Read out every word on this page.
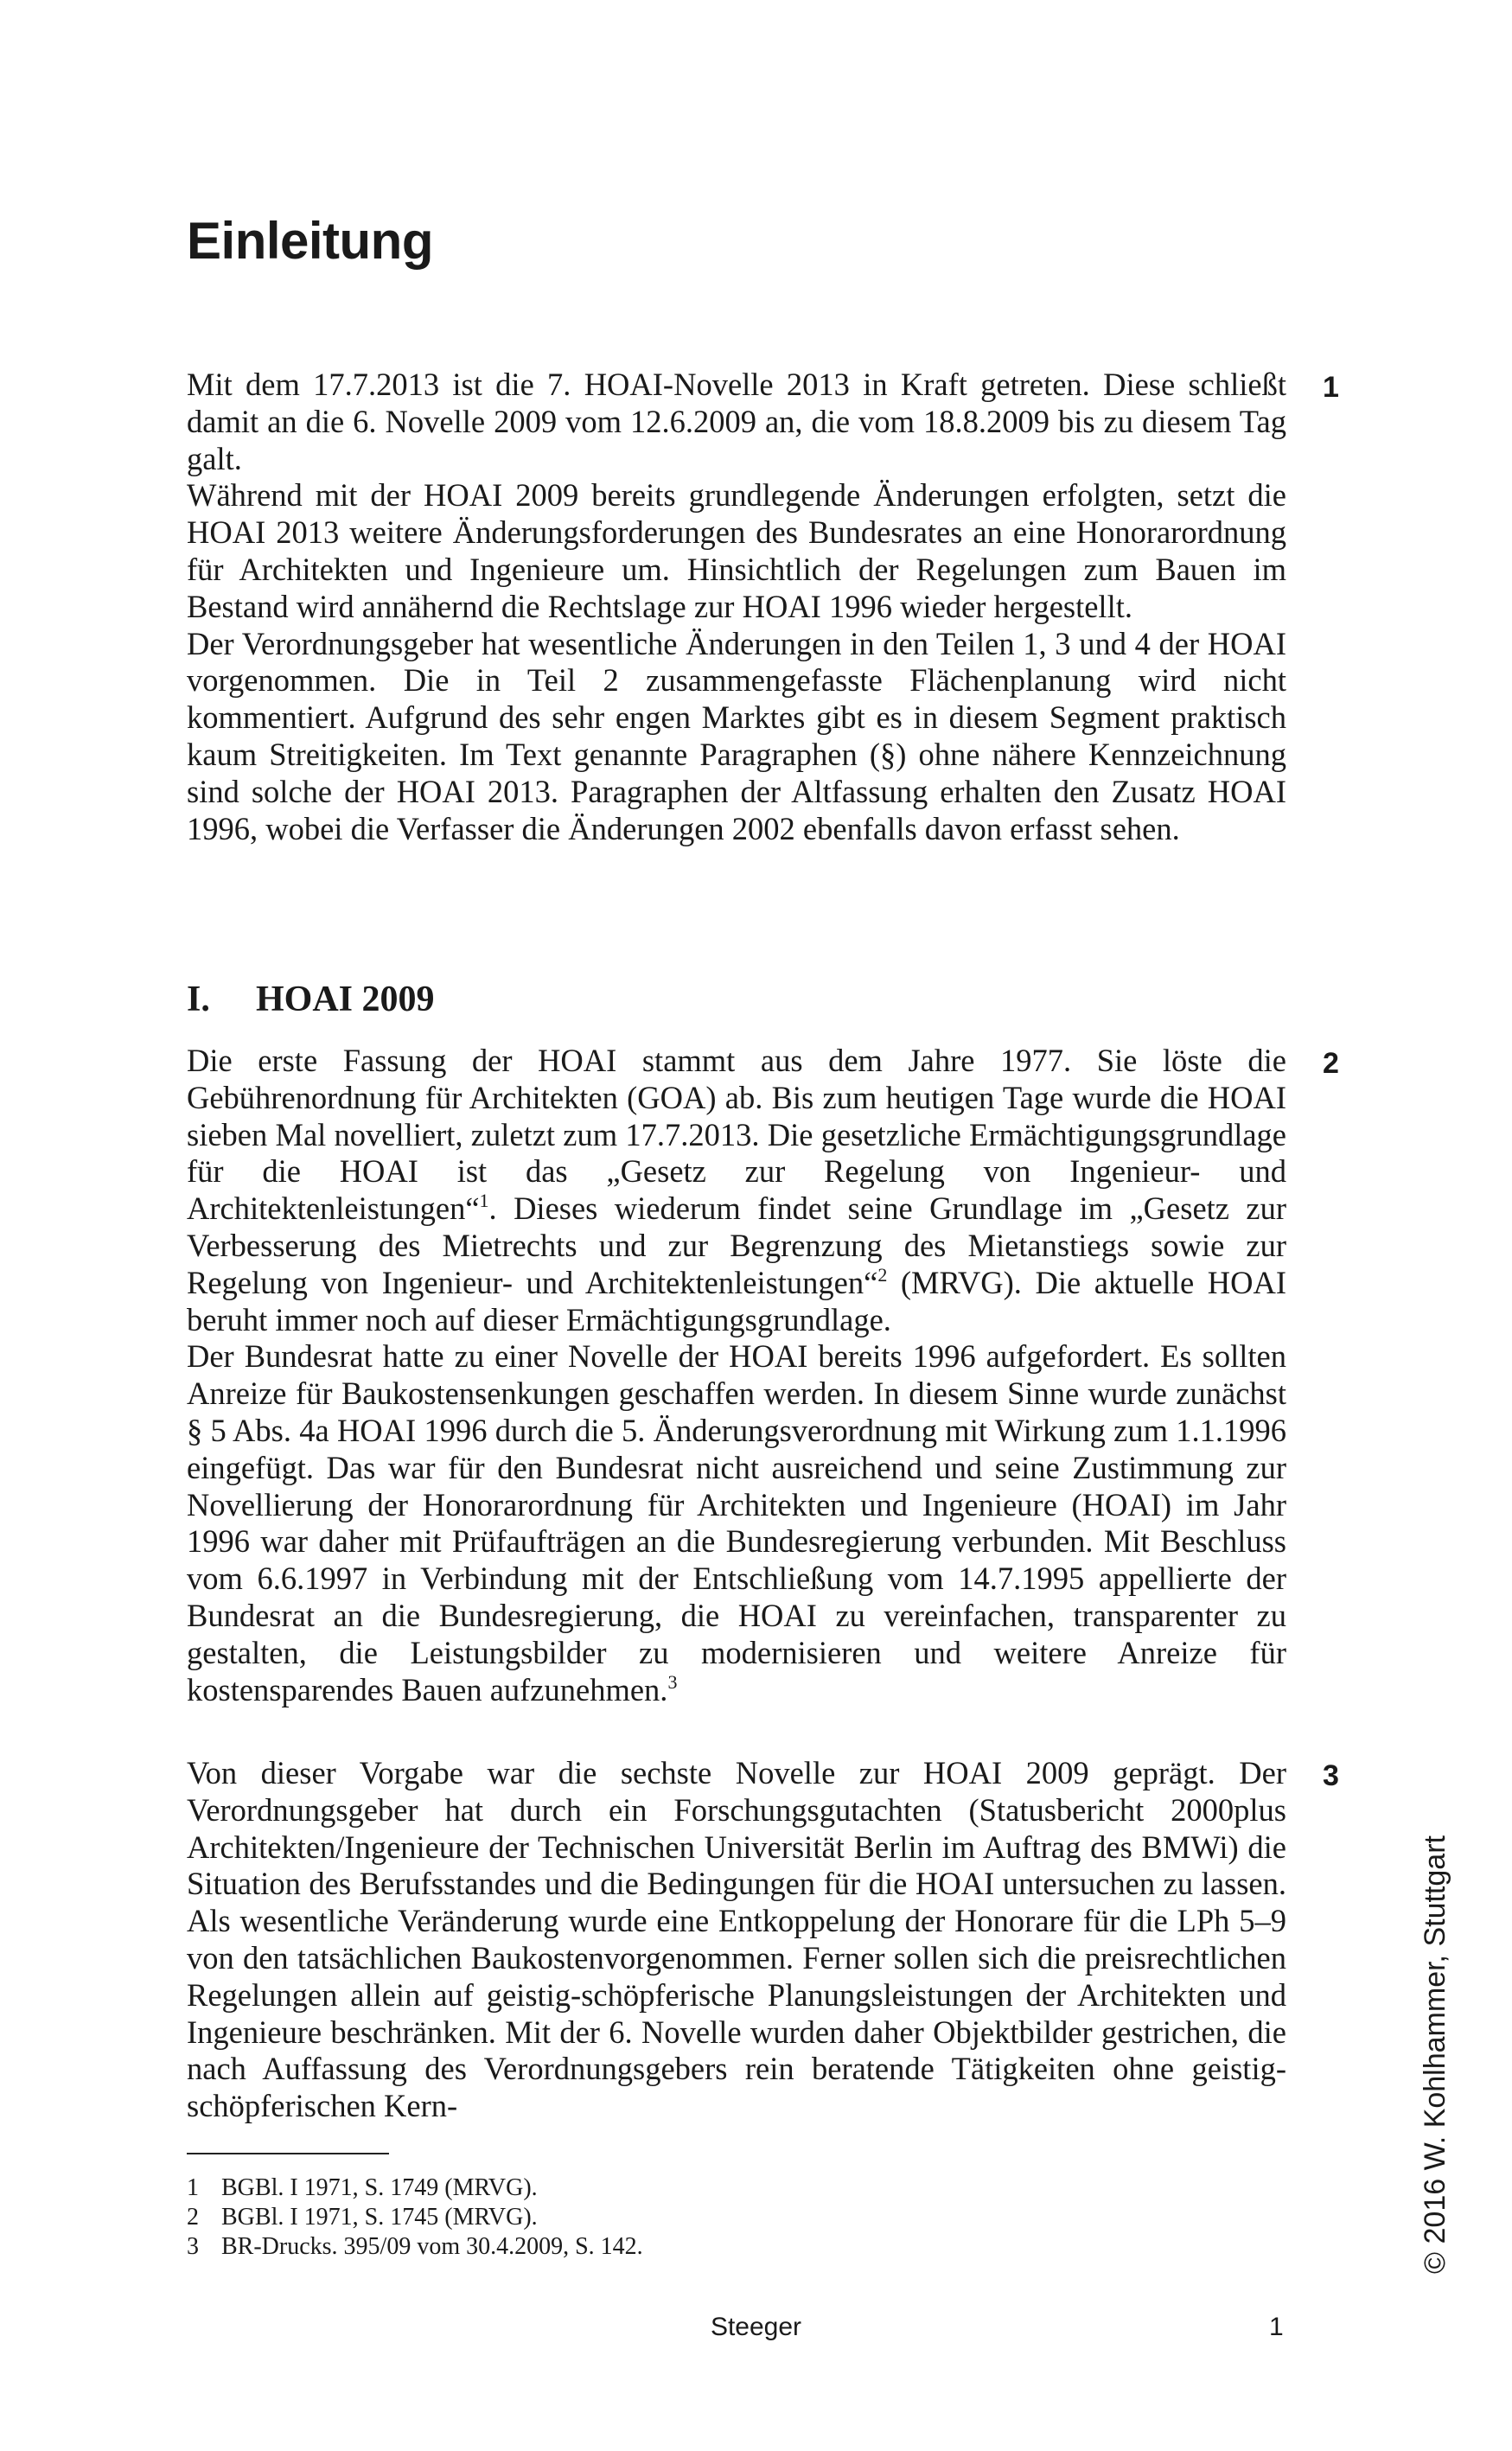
Einleitung

Mit dem 17.7.2013 ist die 7. HOAI-Novelle 2013 in Kraft getreten. Diese schließt damit an die 6. Novelle 2009 vom 12.6.2009 an, die vom 18.8.2009 bis zu diesem Tag galt.

Während mit der HOAI 2009 bereits grundlegende Änderungen erfolgten, setzt die HOAI 2013 weitere Änderungsforderungen des Bundesrates an eine Honorarordnung für Architekten und Ingenieure um. Hinsichtlich der Regelungen zum Bauen im Bestand wird annähernd die Rechtslage zur HOAI 1996 wieder hergestellt.

Der Verordnungsgeber hat wesentliche Änderungen in den Teilen 1, 3 und 4 der HOAI vorgenommen. Die in Teil 2 zusammengefasste Flächenplanung wird nicht kommentiert. Aufgrund des sehr engen Marktes gibt es in diesem Segment praktisch kaum Streitigkeiten. Im Text genannte Paragraphen (§) ohne nähere Kennzeichnung sind solche der HOAI 2013. Paragraphen der Altfassung erhalten den Zusatz HOAI 1996, wobei die Verfasser die Änderungen 2002 ebenfalls davon erfasst sehen.

1
I. HOAI 2009

Die erste Fassung der HOAI stammt aus dem Jahre 1977. Sie löste die Gebührenordnung für Architekten (GOA) ab. Bis zum heutigen Tage wurde die HOAI sieben Mal novelliert, zuletzt zum 17.7.2013. Die gesetzliche Ermächtigungsgrundlage für die HOAI ist das „Gesetz zur Regelung von Ingenieur- und Architektenleistungen“$^1$. Dieses wiederum findet seine Grundlage im „Gesetz zur Verbesserung des Mietrechts und zur Begrenzung des Mietanstiegs sowie zur Regelung von Ingenieur- und Architektenleistungen“$^2$ (MRVG). Die aktuelle HOAI beruht immer noch auf dieser Ermächtigungsgrundlage.

Der Bundesrat hatte zu einer Novelle der HOAI bereits 1996 aufgefordert. Es sollten Anreize für Baukostensenkungen geschaffen werden. In diesem Sinne wurde zunächst § 5 Abs. 4a HOAI 1996 durch die 5. Änderungsverordnung mit Wirkung zum 1.1.1996 eingefügt. Das war für den Bundesrat nicht ausreichend und seine Zustimmung zur Novellierung der Honorarordnung für Architekten und Ingenieure (HOAI) im Jahr 1996 war daher mit Prüfaufträgen an die Bundesregierung verbunden. Mit Beschluss vom 6.6.1997 in Verbindung mit der Entschließung vom 14.7.1995 appellierte der Bundesrat an die Bundesregierung, die HOAI zu vereinfachen, transparenter zu gestalten, die Leistungsbilder zu modernisieren und weitere Anreize für kostensparendes Bauen aufzunehmen.$^3$

2

Von dieser Vorgabe war die sechste Novelle zur HOAI 2009 geprägt. Der Verordnungsgeber hat durch ein Forschungsgutachten (Statusbericht 2000plus Architekten/Ingenieure der Technischen Universität Berlin im Auftrag des BMWi) die Situation des Berufsstandes und die Bedingungen für die HOAI untersuchen zu lassen. Als wesentliche Veränderung wurde eine Entkoppelung der Honorare für die LPh 5–9 von den tatsächlichen Baukostenvorgenommen. Ferner sollen sich die preisrechtlichen Regelungen allein auf geistig-schöpferische Planungsleistungen der Architekten und Ingenieure beschränken. Mit der 6. Novelle wurden daher Objektbilder gestrichen, die nach Auffassung des Verordnungsgebers rein beratende Tätigkeiten ohne geistig-schöpferischen Kern-

3
1 BGBl. I 1971, S. 1749 (MRVG).
2 BGBl. I 1971, S. 1745 (MRVG).
3 BR-Drucks. 395/09 vom 30.4.2009, S. 142.
Steeger	1
© 2016 W. Kohlhammer, Stuttgart
